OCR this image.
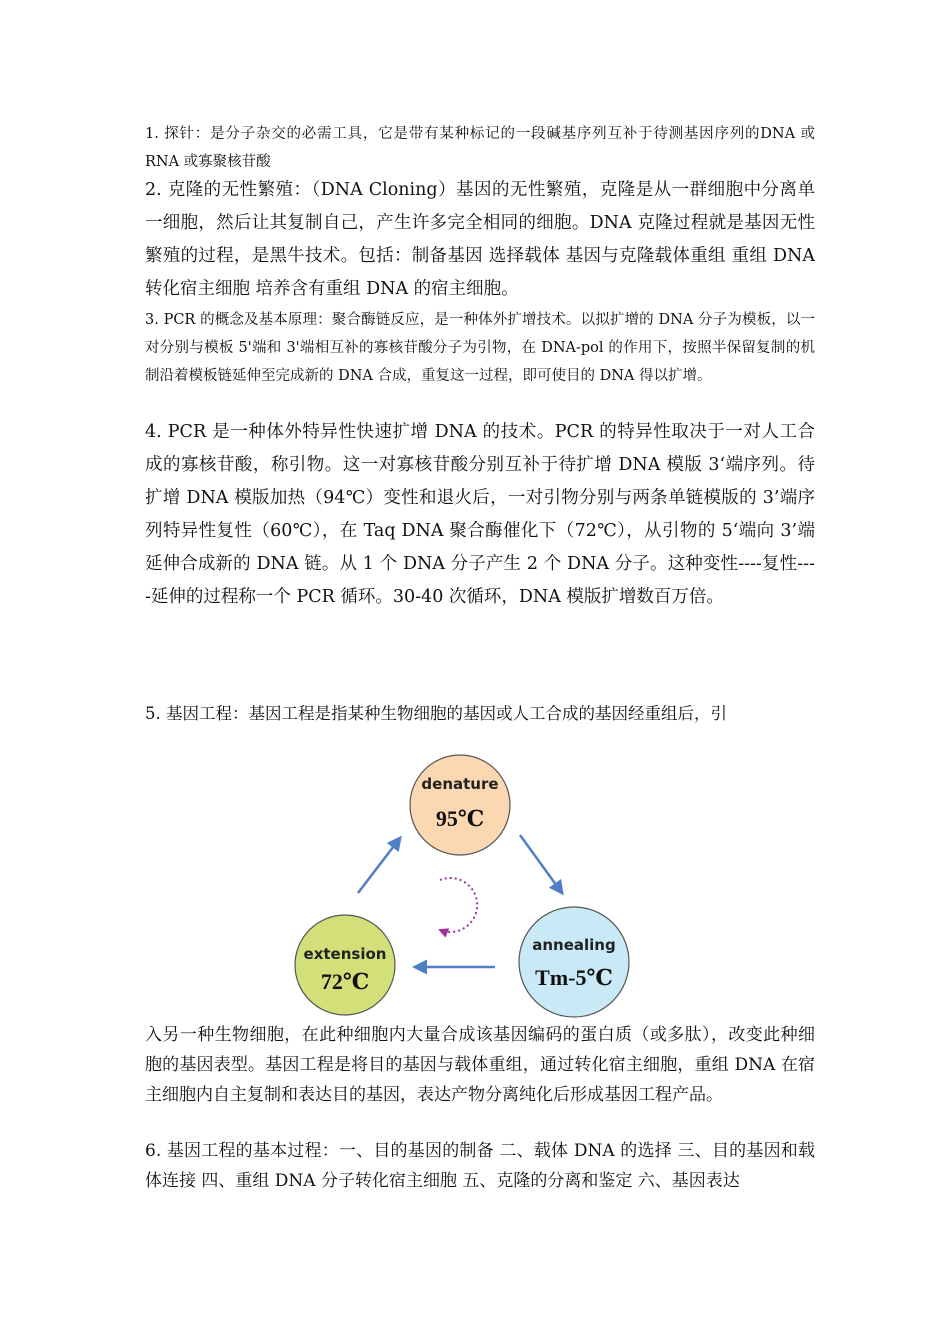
1. 探针：是分子杂交的必需工具，它是带有某种标记的一段碱基序列互补于待测基因序列的DNA 或 RNA 或寡聚核苷酸

2. 克隆的无性繁殖：（DNA Cloning）基因的无性繁殖，克隆是从一群细胞中分离单一细胞，然后让其复制自己，产生许多完全相同的细胞。DNA 克隆过程就是基因无性繁殖的过程，是黑牛技术。包括：制备基因 选择载体 基因与克隆载体重组 重组 DNA 转化宿主细胞 培养含有重组 DNA 的宿主细胞。

3. PCR 的概念及基本原理：聚合酶链反应，是一种体外扩增技术。以拟扩增的 DNA 分子为模板，以一对分别与模板 5'端和 3'端相互补的寡核苷酸分子为引物，在 DNA-pol 的作用下，按照半保留复制的机制沿着模板链延伸至完成新的 DNA 合成，重复这一过程，即可使目的 DNA 得以扩增。

4. PCR 是一种体外特异性快速扩增 DNA 的技术。PCR 的特异性取决于一对人工合成的寡核苷酸，称引物。这一对寡核苷酸分别互补于待扩增 DNA 模版 3‘端序列。待扩增 DNA 模版加热（94℃）变性和退火后，一对引物分别与两条单链模版的 3’端序列特异性复性（60℃），在 Taq DNA 聚合酶催化下（72℃），从引物的 5‘端向 3’端延伸合成新的 DNA 链。从 1 个 DNA 分子产生 2 个 DNA 分子。这种变性----复性----延伸的过程称一个 PCR 循环。30-40 次循环，DNA 模版扩增数百万倍。

5. 基因工程：基因工程是指某种生物细胞的基因或人工合成的基因经重组后，引

denature
95℃
annealing
Tm-5℃
extension
72℃

入另一种生物细胞，在此种细胞内大量合成该基因编码的蛋白质（或多肽），改变此种细胞的基因表型。基因工程是将目的基因与载体重组，通过转化宿主细胞，重组 DNA 在宿主细胞内自主复制和表达目的基因，表达产物分离纯化后形成基因工程产品。

6. 基因工程的基本过程：一、目的基因的制备 二、载体 DNA 的选择 三、目的基因和载体连接 四、重组 DNA 分子转化宿主细胞 五、克隆的分离和鉴定 六、基因表达
